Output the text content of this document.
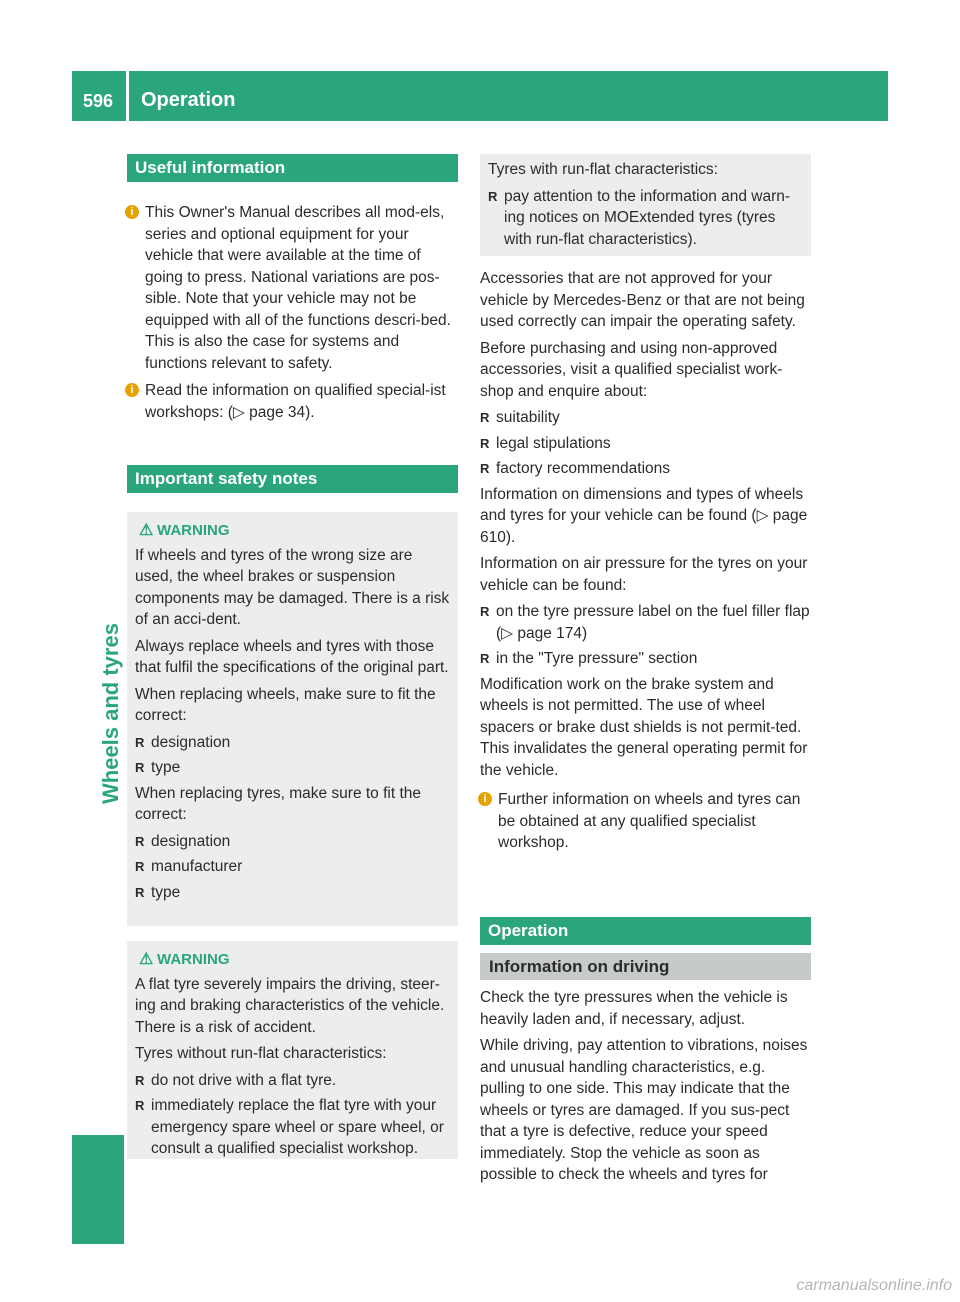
596 Operation
Wheels and tyres
Useful information
i This Owner's Manual describes all mod-els, series and optional equipment for your vehicle that were available at the time of going to press. National variations are pos-sible. Note that your vehicle may not be equipped with all of the functions descri-bed. This is also the case for systems and functions relevant to safety.
i Read the information on qualified special-ist workshops: (▷ page 34).
Important safety notes
⚠ WARNING

If wheels and tyres of the wrong size are used, the wheel brakes or suspension components may be damaged. There is a risk of an acci-dent.

Always replace wheels and tyres with those that fulfil the specifications of the original part.

When replacing wheels, make sure to fit the correct:

R designation
R type

When replacing tyres, make sure to fit the correct:

R designation
R manufacturer
R type
⚠ WARNING

A flat tyre severely impairs the driving, steer-ing and braking characteristics of the vehicle. There is a risk of accident.

Tyres without run-flat characteristics:

R do not drive with a flat tyre.
R immediately replace the flat tyre with your emergency spare wheel or spare wheel, or consult a qualified specialist workshop.

Tyres with run-flat characteristics:

R pay attention to the information and warn-ing notices on MOExtended tyres (tyres with run-flat characteristics).

Accessories that are not approved for your vehicle by Mercedes-Benz or that are not being used correctly can impair the operating safety.

Before purchasing and using non-approved accessories, visit a qualified specialist work-shop and enquire about:

R suitability
R legal stipulations
R factory recommendations

Information on dimensions and types of wheels and tyres for your vehicle can be found (▷ page 610).

Information on air pressure for the tyres on your vehicle can be found:

R on the tyre pressure label on the fuel filler flap (▷ page 174)
R in the "Tyre pressure" section

Modification work on the brake system and wheels is not permitted. The use of wheel spacers or brake dust shields is not permit-ted. This invalidates the general operating permit for the vehicle.

i Further information on wheels and tyres can be obtained at any qualified specialist workshop.
Operation
Information on driving

Check the tyre pressures when the vehicle is heavily laden and, if necessary, adjust.

While driving, pay attention to vibrations, noises and unusual handling characteristics, e.g. pulling to one side. This may indicate that the wheels or tyres are damaged. If you sus-pect that a tyre is defective, reduce your speed immediately. Stop the vehicle as soon as possible to check the wheels and tyres for

carmanualsonline.info
